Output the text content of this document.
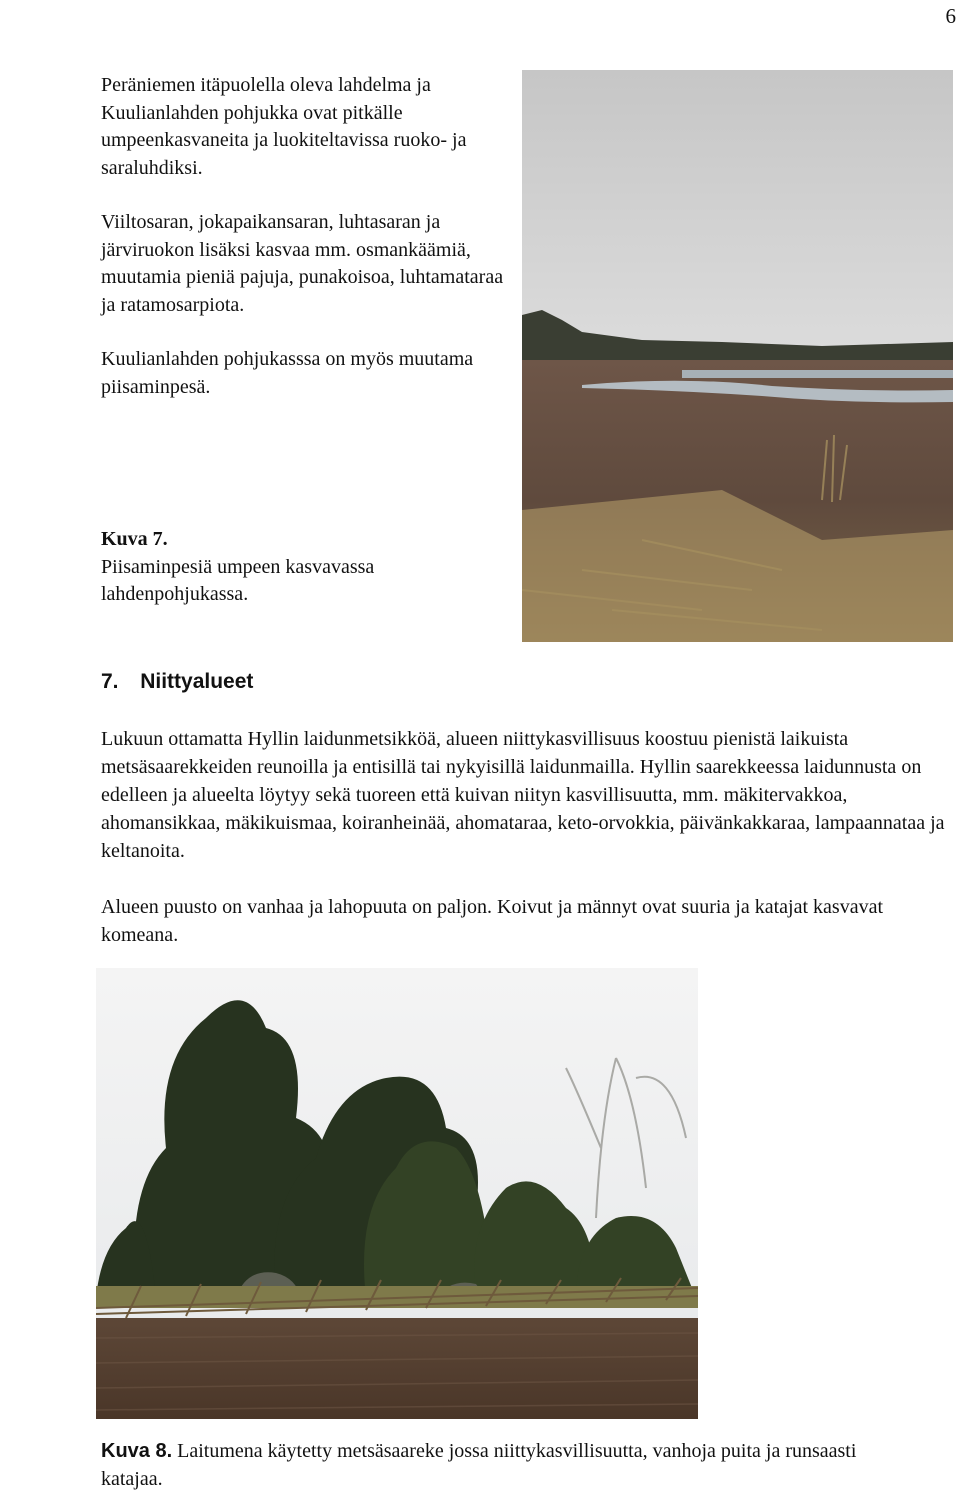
6

Peräniemen itäpuolella oleva lahdelma ja Kuulianlahden pohjukka ovat pitkälle umpeenkasvaneita ja luokiteltavissa ruoko- ja saraluhdiksi.

Viiltosaran, jokapaikansaran, luhtasaran ja järviruokon lisäksi kasvaa mm. osmankäämiä, muutamia pieniä pajuja, punakoisoa, luhtamataraa ja ratamosarpiota.

Kuulianlahden pohjukasssa on myös muutama piisaminpesä.

Kuva 7.

Piisaminpesiä umpeen kasvavassa lahdenpohjukassa.

7. Niittyalueet

Lukuun ottamatta Hyllin laidunmetsikköä, alueen niittykasvillisuus koostuu pienistä laikuista metsäsaarekkeiden reunoilla ja entisillä tai nykyisillä laidunmailla. Hyllin saarekkeessa laidunnusta on edelleen ja alueelta löytyy sekä tuoreen että kuivan niityn kasvillisuutta, mm. mäkitervakkoa, ahomansikkaa, mäkikuismaa, koiranheinää, ahomataraa, keto-orvokkia, päivänkakkaraa, lampaannataa ja keltanoita.

Alueen puusto on vanhaa ja lahopuuta on paljon. Koivut ja männyt ovat suuria ja katajat kasvavat komeana.

Kuva 8. Laitumena käytetty metsäsaareke jossa niittykasvillisuutta, vanhoja puita ja runsaasti katajaa.
